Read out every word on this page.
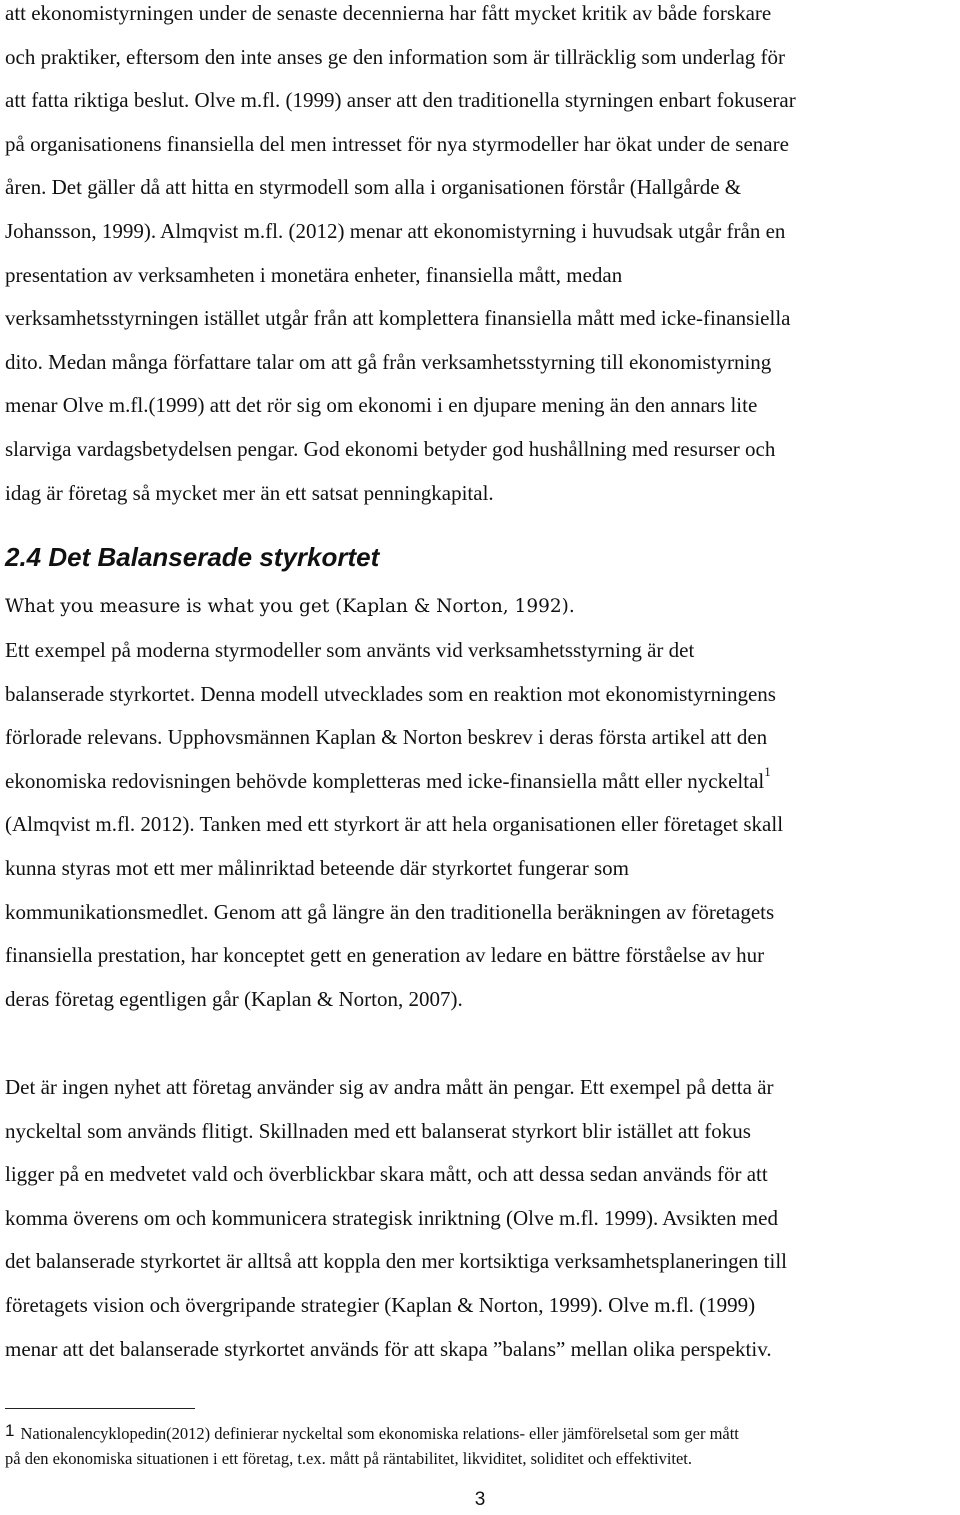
att ekonomistyrningen under de senaste decennierna har fått mycket kritik av både forskare
och praktiker, eftersom den inte anses ge den information som är tillräcklig som underlag för
att fatta riktiga beslut. Olve m.fl. (1999) anser att den traditionella styrningen enbart fokuserar
på organisationens finansiella del men intresset för nya styrmodeller har ökat under de senare
åren. Det gäller då att hitta en styrmodell som alla i organisationen förstår (Hallgårde &
Johansson, 1999). Almqvist m.fl. (2012) menar att ekonomistyrning i huvudsak utgår från en
presentation av verksamheten i monetära enheter, finansiella mått, medan
verksamhetsstyrningen istället utgår från att komplettera finansiella mått med icke-finansiella
dito. Medan många författare talar om att gå från verksamhetsstyrning till ekonomistyrning
menar Olve m.fl.(1999) att det rör sig om ekonomi i en djupare mening än den annars lite
slarviga vardagsbetydelsen pengar. God ekonomi betyder god hushållning med resurser och
idag är företag så mycket mer än ett satsat penningkapital.

2.4 Det Balanserade styrkortet

What you measure is what you get (Kaplan & Norton, 1992).

Ett exempel på moderna styrmodeller som använts vid verksamhetsstyrning är det
balanserade styrkortet. Denna modell utvecklades som en reaktion mot ekonomistyrningens
förlorade relevans. Upphovsmännen Kaplan & Norton beskrev i deras första artikel att den
ekonomiska redovisningen behövde kompletteras med icke-finansiella mått eller nyckeltal$^1$
(Almqvist m.fl. 2012). Tanken med ett styrkort är att hela organisationen eller företaget skall
kunna styras mot ett mer målinriktad beteende där styrkortet fungerar som
kommunikationsmedlet. Genom att gå längre än den traditionella beräkningen av företagets
finansiella prestation, har konceptet gett en generation av ledare en bättre förståelse av hur
deras företag egentligen går (Kaplan & Norton, 2007).

Det är ingen nyhet att företag använder sig av andra mått än pengar. Ett exempel på detta är
nyckeltal som används flitigt. Skillnaden med ett balanserat styrkort blir istället att fokus
ligger på en medvetet vald och överblickbar skara mått, och att dessa sedan används för att
komma överens om och kommunicera strategisk inriktning (Olve m.fl. 1999). Avsikten med
det balanserade styrkortet är alltså att koppla den mer kortsiktiga verksamhetsplaneringen till
företagets vision och övergripande strategier (Kaplan & Norton, 1999). Olve m.fl. (1999)
menar att det balanserade styrkortet används för att skapa ”balans” mellan olika perspektiv.

1 Nationalencyklopedin(2012) definierar nyckeltal som ekonomiska relations- eller jämförelsetal som ger mått
på den ekonomiska situationen i ett företag, t.ex. mått på räntabilitet, likviditet, soliditet och effektivitet.
3
